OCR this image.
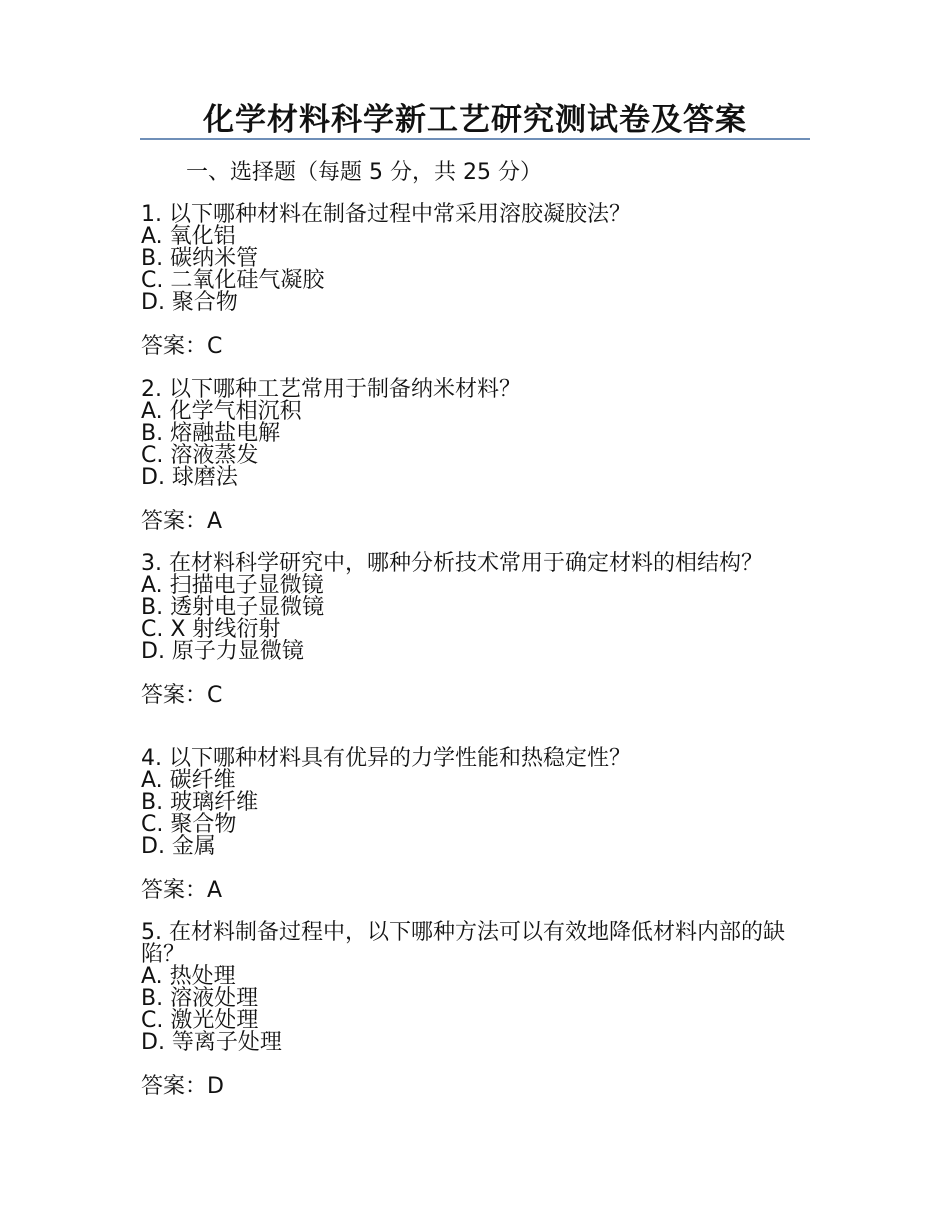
化学材料科学新工艺研究测试卷及答案
一、选择题（每题 5 分，共 25 分）

1. 以下哪种材料在制备过程中常采用溶胶凝胶法？

A. 氧化铝
B. 碳纳米管
C. 二氧化硅气凝胶
D. 聚合物
答案：C

2. 以下哪种工艺常用于制备纳米材料？

A. 化学气相沉积
B. 熔融盐电解
C. 溶液蒸发
D. 球磨法
答案：A

3. 在材料科学研究中，哪种分析技术常用于确定材料的相结构？

A. 扫描电子显微镜
B. 透射电子显微镜
C. X 射线衍射
D. 原子力显微镜
答案：C

4. 以下哪种材料具有优异的力学性能和热稳定性？

A. 碳纤维
B. 玻璃纤维
C. 聚合物
D. 金属
答案：A

5. 在材料制备过程中，以下哪种方法可以有效地降低材料内部的缺陷？

A. 热处理
B. 溶液处理
C. 激光处理
D. 等离子处理
答案：D
